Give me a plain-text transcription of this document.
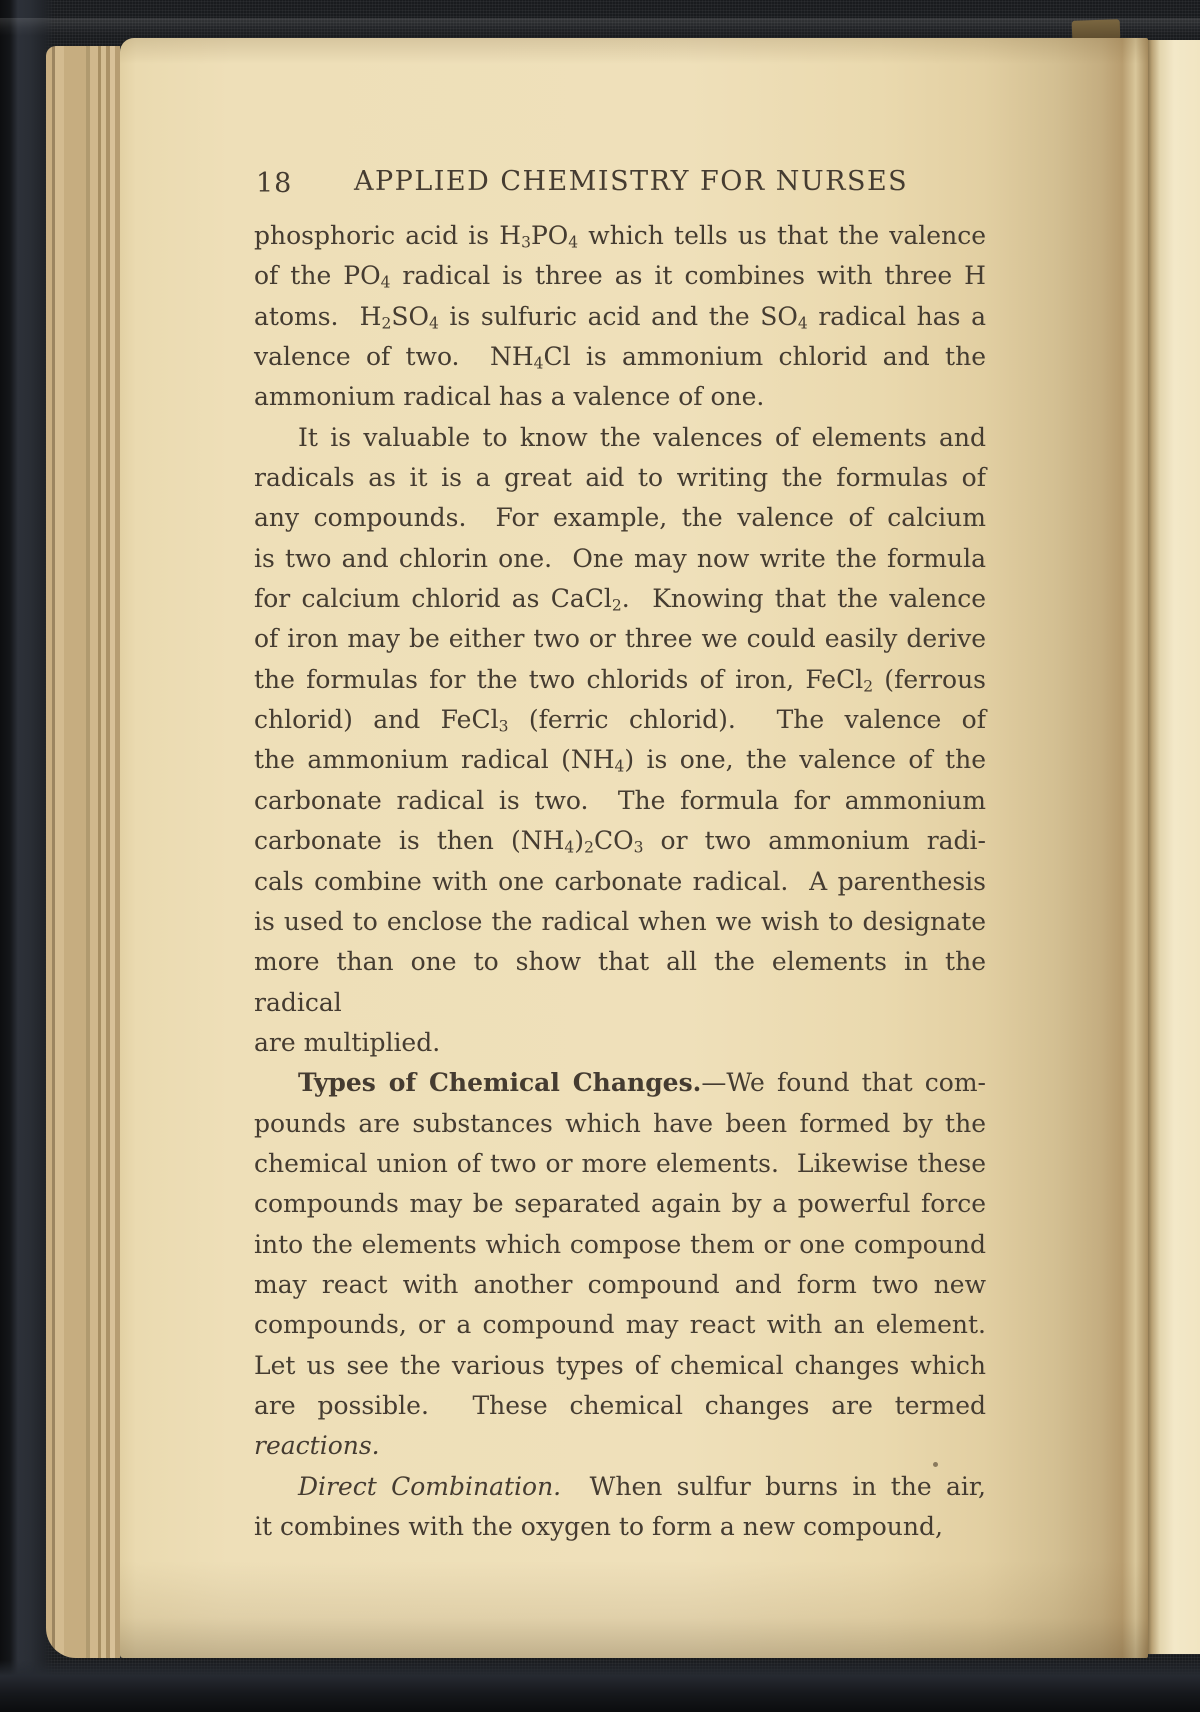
18 APPLIED CHEMISTRY FOR NURSES
phosphoric acid is $H_3PO_4$ which tells us that the valence
of the $PO_4$ radical is three as it combines with three H
atoms.  $H_2SO_4$ is sulfuric acid and the $SO_4$ radical has a
valence of two.  $NH_4Cl$ is ammonium chlorid and the
ammonium radical has a valence of one.
It is valuable to know the valences of elements and
radicals as it is a great aid to writing the formulas of
any compounds.  For example, the valence of calcium
is two and chlorin one.  One may now write the formula
for calcium chlorid as CaCl$_2$.  Knowing that the valence
of iron may be either two or three we could easily derive
the formulas for the two chlorids of iron, FeCl$_2$ (ferrous
chlorid) and FeCl$_3$ (ferric chlorid).  The valence of
the ammonium radical $(NH_4)$ is one, the valence of the
carbonate radical is two.  The formula for ammonium
carbonate is then $(NH_4)_2CO_3$ or two ammonium radi-
cals combine with one carbonate radical.  A parenthesis
is used to enclose the radical when we wish to designate
more than one to show that all the elements in the radical
are multiplied.
Types of Chemical Changes.—We found that com-
pounds are substances which have been formed by the
chemical union of two or more elements.  Likewise these
compounds may be separated again by a powerful force
into the elements which compose them or one compound
may react with another compound and form two new
compounds, or a compound may react with an element.
Let us see the various types of chemical changes which
are possible.  These chemical changes are termed reactions.
Direct Combination.  When sulfur burns in the air,
it combines with the oxygen to form a new compound,
